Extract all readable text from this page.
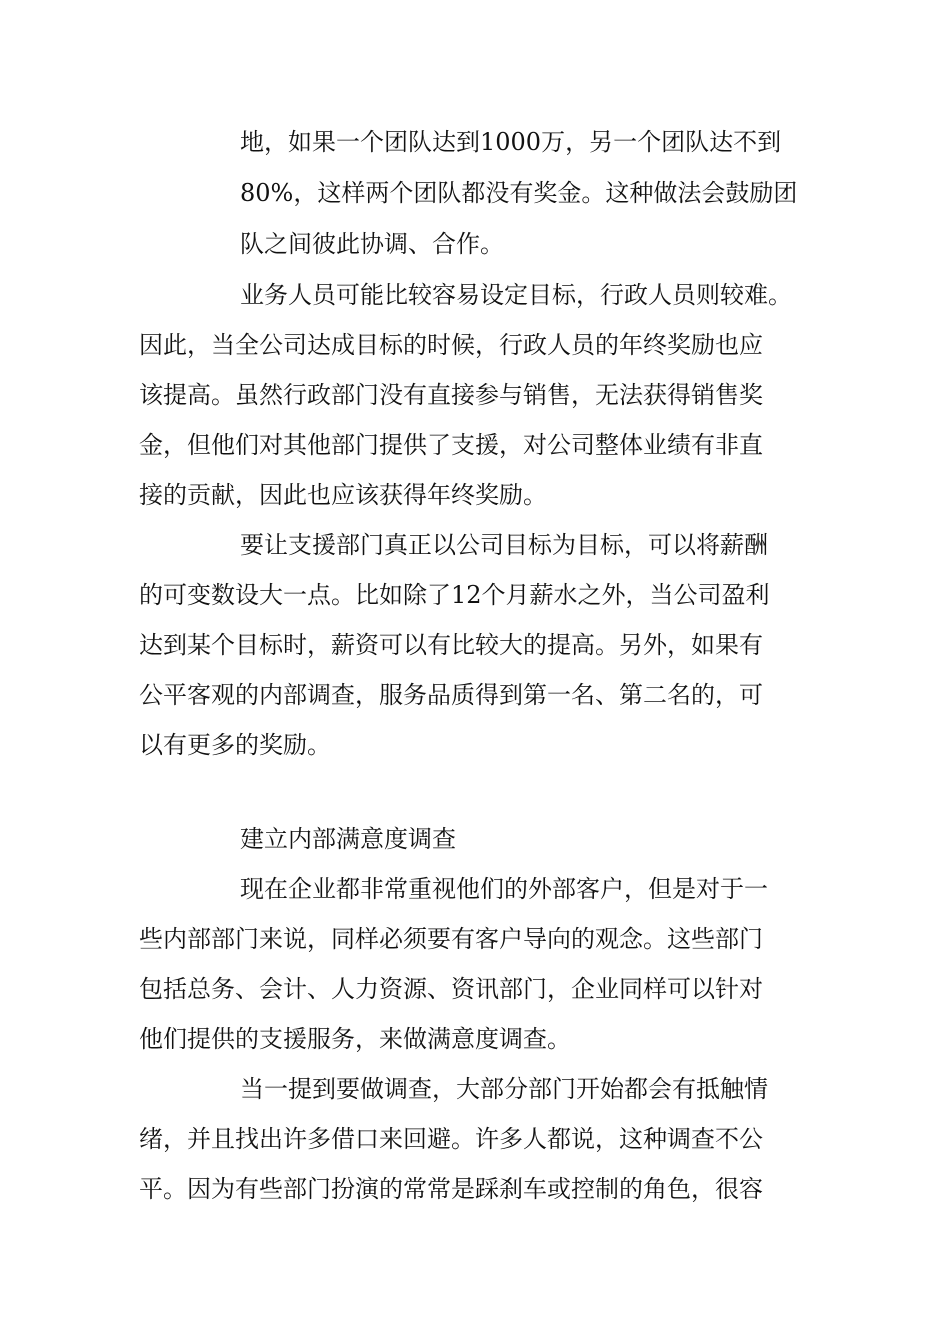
地，如果一个团队达到1000万，另一个团队达不到
80%，这样两个团队都没有奖金。这种做法会鼓励团
队之间彼此协调、合作。
业务人员可能比较容易设定目标，行政人员则较难。
因此，当全公司达成目标的时候，行政人员的年终奖励也应
该提高。虽然行政部门没有直接参与销售，无法获得销售奖
金，但他们对其他部门提供了支援，对公司整体业绩有非直
接的贡献，因此也应该获得年终奖励。
要让支援部门真正以公司目标为目标，可以将薪酬
的可变数设大一点。比如除了12个月薪水之外，当公司盈利
达到某个目标时，薪资可以有比较大的提高。另外，如果有
公平客观的内部调查，服务品质得到第一名、第二名的，可
以有更多的奖励。
建立内部满意度调查
现在企业都非常重视他们的外部客户，但是对于一
些内部部门来说，同样必须要有客户导向的观念。这些部门
包括总务、会计、人力资源、资讯部门，企业同样可以针对
他们提供的支援服务，来做满意度调查。
当一提到要做调查，大部分部门开始都会有抵触情
绪，并且找出许多借口来回避。许多人都说，这种调查不公
平。因为有些部门扮演的常常是踩刹车或控制的角色，很容
